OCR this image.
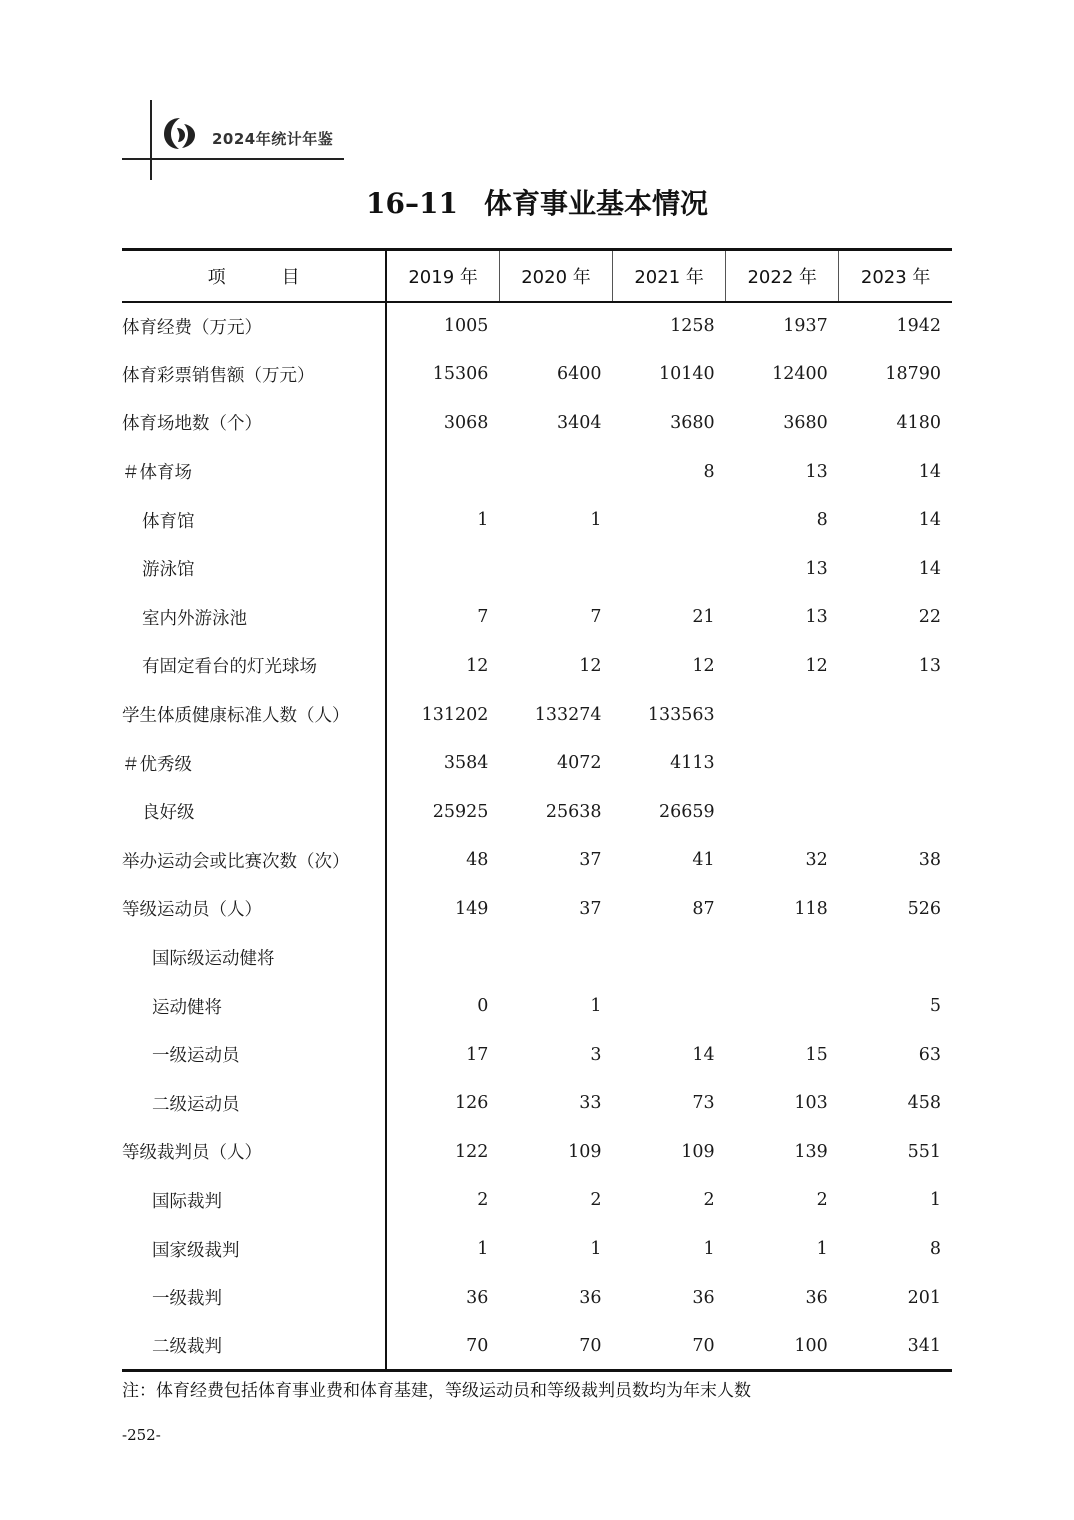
2024年统计年鉴
16–11 体育事业基本情况
项 目	2019 年	2020 年	2021 年	2022 年	2023 年
体育经费（万元）	1005		1258	1937	1942
体育彩票销售额（万元）	15306	6400	10140	12400	18790
体育场地数（个）	3068	3404	3680	3680	4180
＃体育场			8	13	14
体育馆	1	1		8	14
游泳馆				13	14
室内外游泳池	7	7	21	13	22
有固定看台的灯光球场	12	12	12	12	13
学生体质健康标准人数（人）	131202	133274	133563		
＃优秀级	3584	4072	4113		
良好级	25925	25638	26659		
举办运动会或比赛次数（次）	48	37	41	32	38
等级运动员（人）	149	37	87	118	526
国际级运动健将					
运动健将	0	1			5
一级运动员	17	3	14	15	63
二级运动员	126	33	73	103	458
等级裁判员（人）	122	109	109	139	551
国际裁判	2	2	2	2	1
国家级裁判	1	1	1	1	8
一级裁判	36	36	36	36	201
二级裁判	70	70	70	100	341
注：体育经费包括体育事业费和体育基建，等级运动员和等级裁判员数均为年末人数
-252-
